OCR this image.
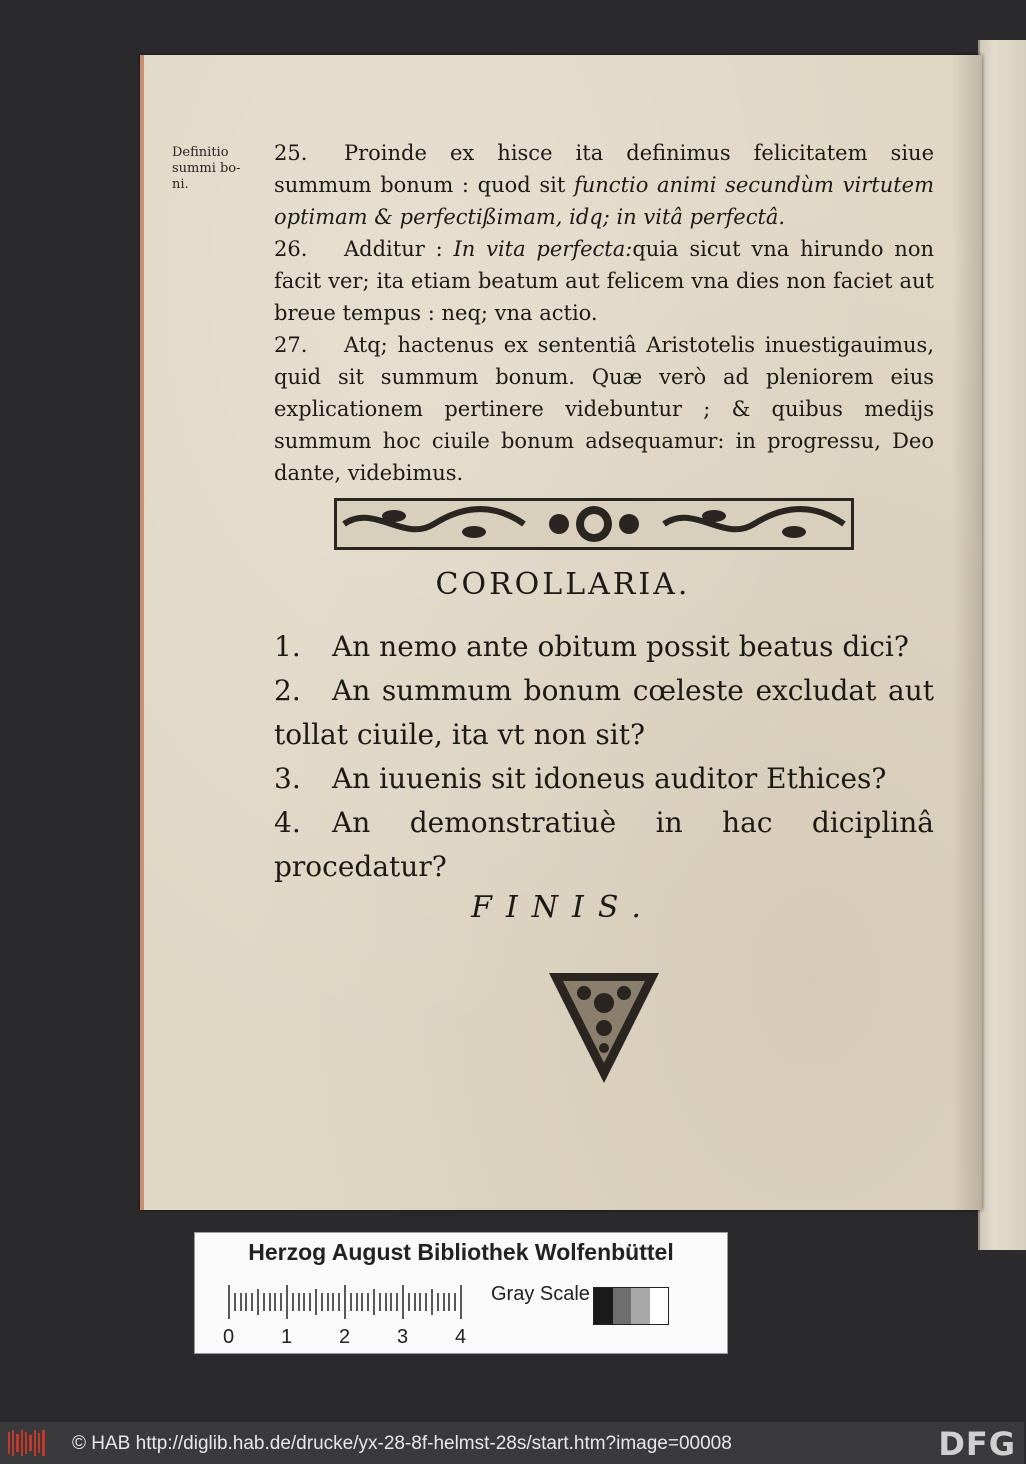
Definitio
summi bo-
ni.

25. Proinde ex hisce ita definimus felicitatem siue summum bonum : quod sit functio animi secundùm virtutem optimam & perfectißimam, idq; in vitâ perfectâ.

26. Additur : In vita perfecta:quia sicut vna hirundo non facit ver; ita etiam beatum aut felicem vna dies non faciet aut breue tempus : neq; vna actio.

27. Atq; hactenus ex sententiâ Aristotelis inuestigauimus, quid sit summum bonum. Quæ verò ad pleniorem eius explicationem pertinere videbuntur ; & quibus medijs summum hoc ciuile bonum adsequamur: in progressu, Deo dante, videbimus.

COROLLARIA.
1. An nemo ante obitum possit beatus dici?
2. An summum bonum cœleste excludat aut tollat ciuile, ita vt non sit?
3. An iuuenis sit idoneus auditor Ethices?
4. An demonstratiuè in hac diciplinâ procedatur?
FINIS.
Herzog August Bibliothek Wolfenbüttel
0 1 2 3 4
Gray Scale
© HAB http://diglib.hab.de/drucke/yx-28-8f-helmst-28s/start.htm?image=00008	DFG
